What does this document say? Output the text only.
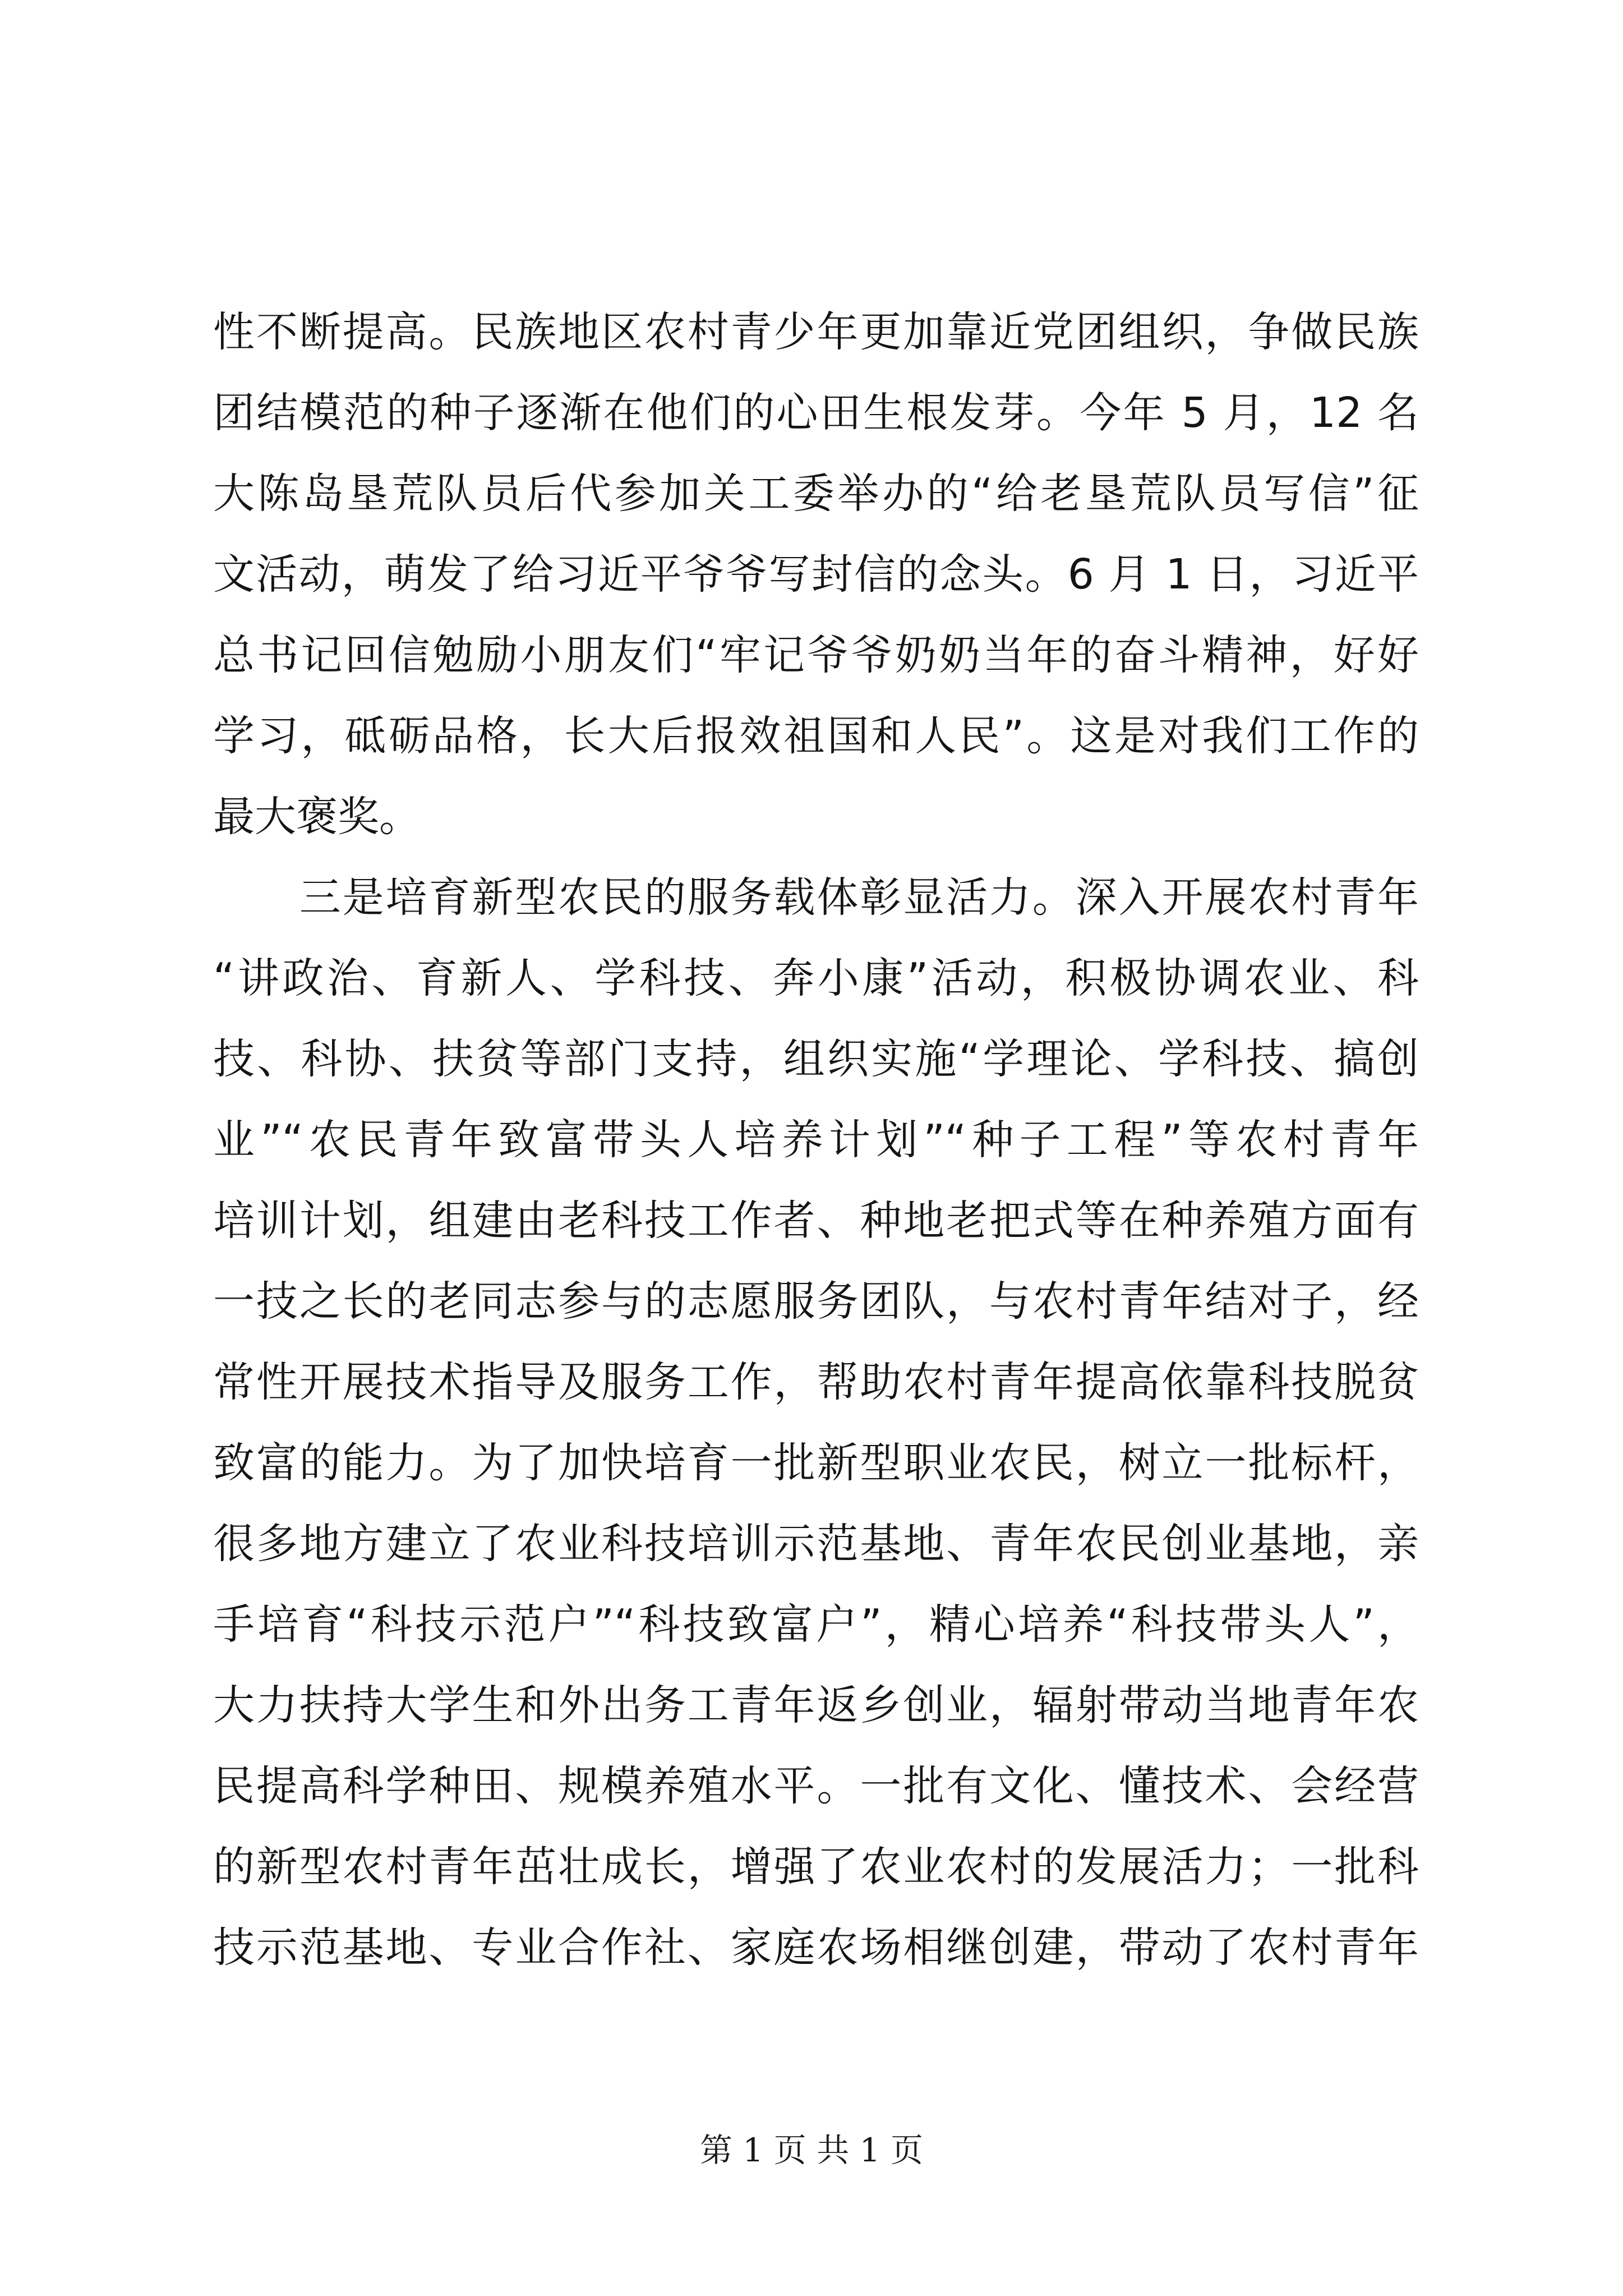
性不断提高。民族地区农村青少年更加靠近党团组织，争做民族
团结模范的种子逐渐在他们的心田生根发芽。今年 5 月，12 名
大陈岛垦荒队员后代参加关工委举办的“给老垦荒队员写信”征
文活动，萌发了给习近平爷爷写封信的念头。6 月 1 日，习近平
总书记回信勉励小朋友们“牢记爷爷奶奶当年的奋斗精神，好好
学习，砥砺品格，长大后报效祖国和人民”。这是对我们工作的
最大褒奖。
　　三是培育新型农民的服务载体彰显活力。深入开展农村青年
“讲政治、育新人、学科技、奔小康”活动，积极协调农业、科
技、科协、扶贫等部门支持，组织实施“学理论、学科技、搞创
业”“农民青年致富带头人培养计划”“种子工程”等农村青年
培训计划，组建由老科技工作者、种地老把式等在种养殖方面有
一技之长的老同志参与的志愿服务团队，与农村青年结对子，经
常性开展技术指导及服务工作，帮助农村青年提高依靠科技脱贫
致富的能力。为了加快培育一批新型职业农民，树立一批标杆，
很多地方建立了农业科技培训示范基地、青年农民创业基地，亲
手培育“科技示范户”“科技致富户”，精心培养“科技带头人”，
大力扶持大学生和外出务工青年返乡创业，辐射带动当地青年农
民提高科学种田、规模养殖水平。一批有文化、懂技术、会经营
的新型农村青年茁壮成长，增强了农业农村的发展活力；一批科
技示范基地、专业合作社、家庭农场相继创建，带动了农村青年
第 1 页 共 1 页
